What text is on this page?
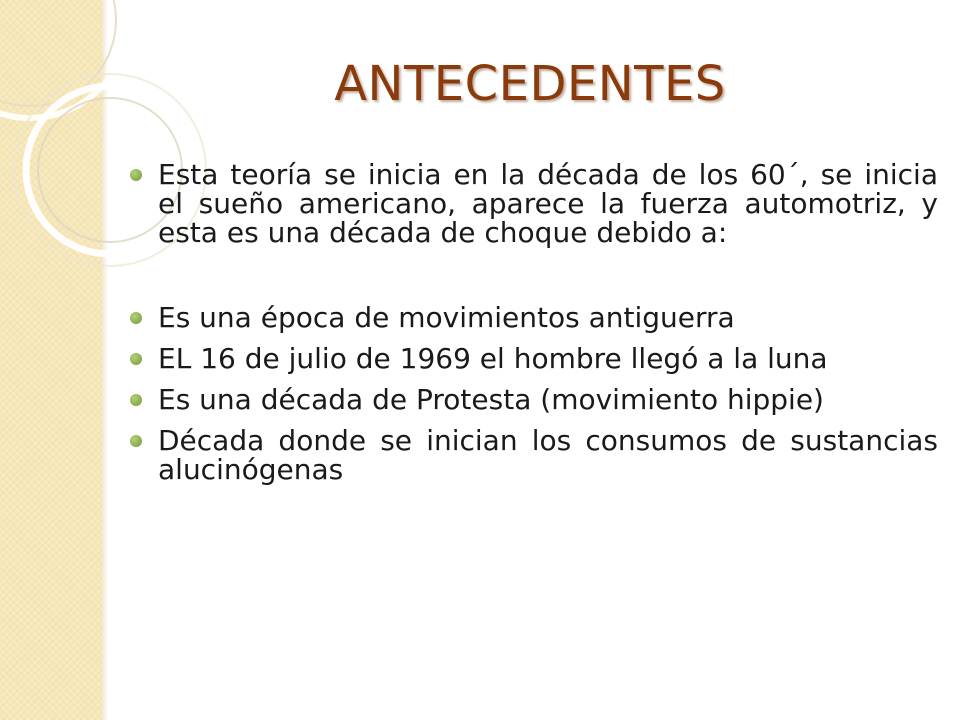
ANTECEDENTES
Esta teoría se inicia en la década de los 60´, se inicia el sueño americano, aparece la fuerza automotriz, y esta es una década de choque debido a:
Es una época de movimientos antiguerra
EL 16 de julio de 1969 el hombre llegó a la luna
Es una década de Protesta (movimiento hippie)
Década donde se inician los consumos de sustancias alucinógenas
